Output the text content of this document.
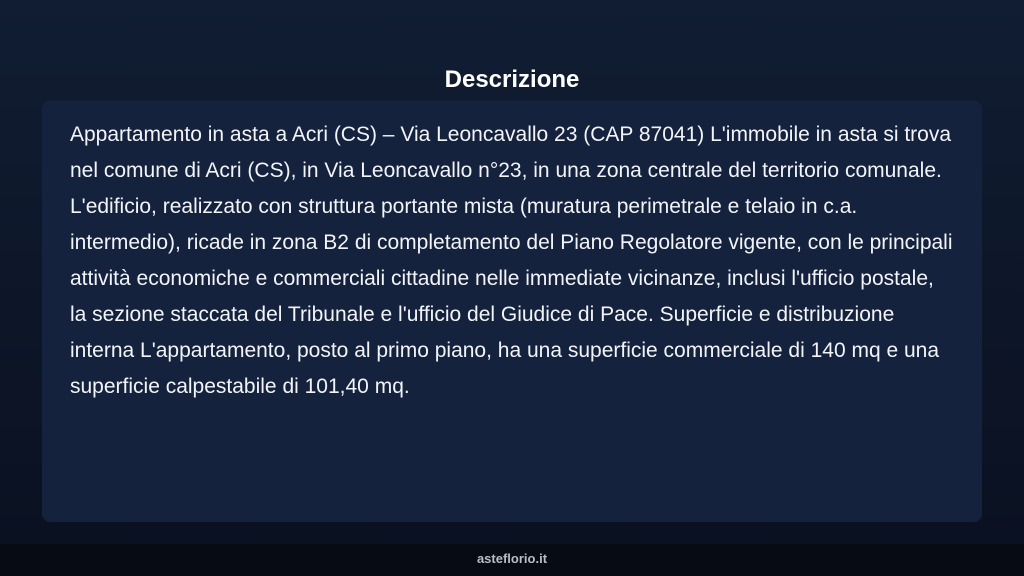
Descrizione

Appartamento in asta a Acri (CS) – Via Leoncavallo 23 (CAP 87041) L'immobile in asta si trova nel comune di Acri (CS), in Via Leoncavallo n°23, in una zona centrale del territorio comunale. L'edificio, realizzato con struttura portante mista (muratura perimetrale e telaio in c.a. intermedio), ricade in zona B2 di completamento del Piano Regolatore vigente, con le principali attività economiche e commerciali cittadine nelle immediate vicinanze, inclusi l'ufficio postale, la sezione staccata del Tribunale e l'ufficio del Giudice di Pace. Superficie e distribuzione interna L'appartamento, posto al primo piano, ha una superficie commerciale di 140 mq e una superficie calpestabile di 101,40 mq.

asteflorio.it
